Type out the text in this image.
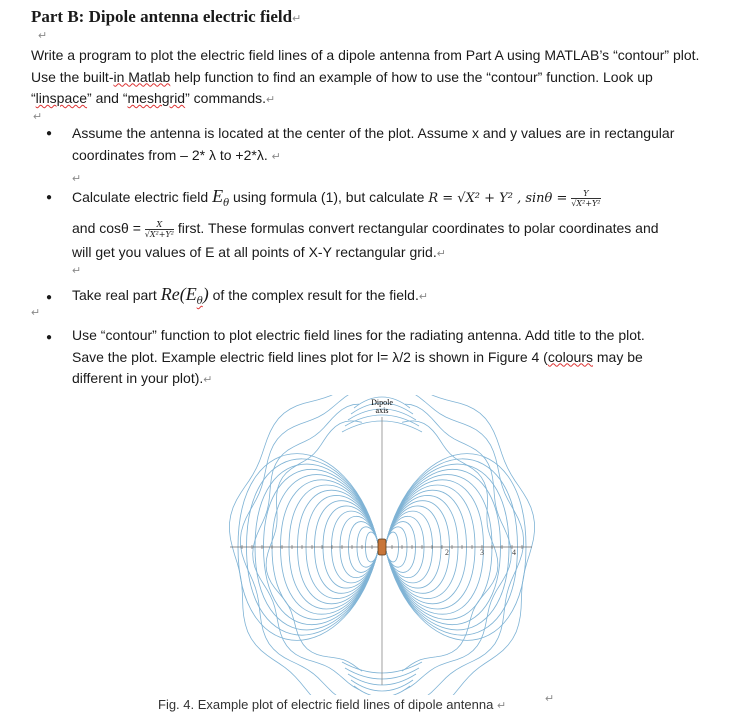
Part B: Dipole antenna electric field↵
↵
Write a program to plot the electric field lines of a dipole antenna from Part A using MATLAB’s “contour” plot. Use the built-in Matlab help function to find an example of how to use the “contour” function. Look up “linspace” and “meshgrid” commands.↵
↵
● Assume the antenna is located at the center of the plot. Assume x and y values are in rectangular coordinates from – 2* λ to +2*λ. ↵
↵
● Calculate electric field $E_\theta$ using formula (1), but calculate R = √X² + Y² , $\sin\theta = \frac{Y}{\text{√X²+Y²}}$

and $\cos\theta = \frac{X}{\text{√X²+Y²}}$ first. These formulas convert rectangular coordinates to polar coordinates and will get you values of E at all points of X-Y rectangular grid.↵
↵
● Take real part $Re(E_\theta)$ of the complex result for the field.↵
↵
● Use “contour” function to plot electric field lines for the radiating antenna. Add title to the plot. Save the plot. Example electric field lines plot for l= λ/2 is shown in Figure 4 (colours may be different in your plot).↵
Dipole
axis
2	3	4
↵
Fig. 4. Example plot of electric field lines of dipole antenna ↵
